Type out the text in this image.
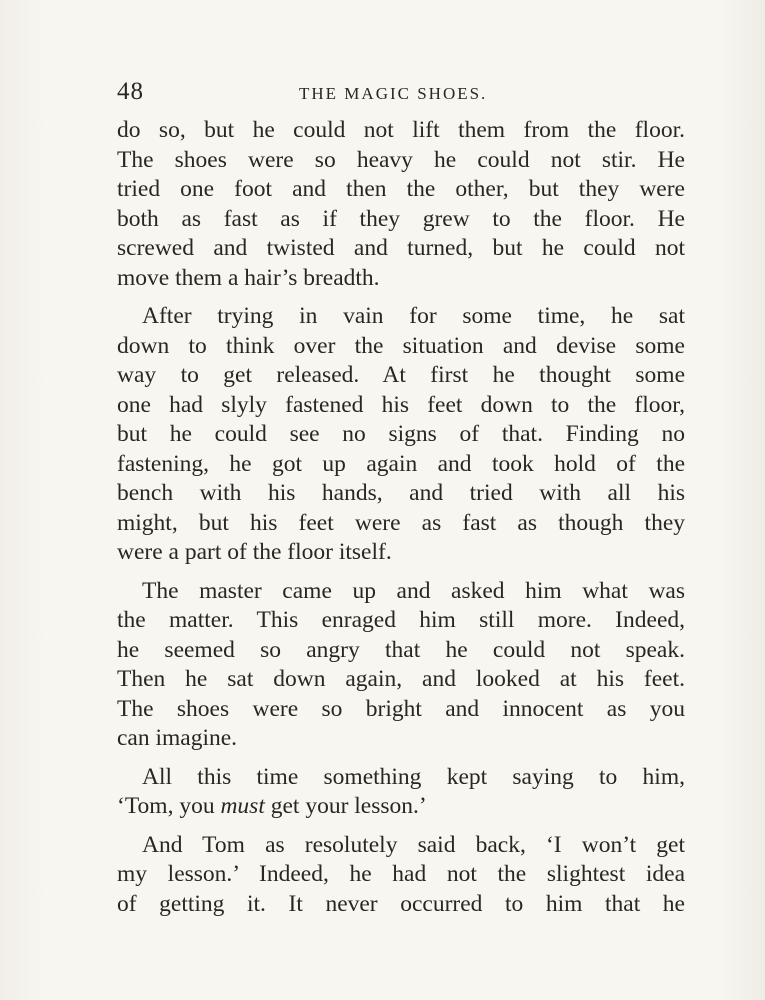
48	THE MAGIC SHOES.
do so, but he could not lift them from the floor.
The shoes were so heavy he could not stir. He
tried one foot and then the other, but they were
both as fast as if they grew to the floor. He
screwed and twisted and turned, but he could not
move them a hair’s breadth.
After trying in vain for some time, he sat
down to think over the situation and devise some
way to get released. At first he thought some
one had slyly fastened his feet down to the floor,
but he could see no signs of that. Finding no
fastening, he got up again and took hold of the
bench with his hands, and tried with all his
might, but his feet were as fast as though they
were a part of the floor itself.
The master came up and asked him what was
the matter. This enraged him still more. Indeed,
he seemed so angry that he could not speak.
Then he sat down again, and looked at his feet.
The shoes were so bright and innocent as you
can imagine.
All this time something kept saying to him,
‘Tom, you must get your lesson.’
And Tom as resolutely said back, ‘I won’t get
my lesson.’ Indeed, he had not the slightest idea
of getting it. It never occurred to him that he
